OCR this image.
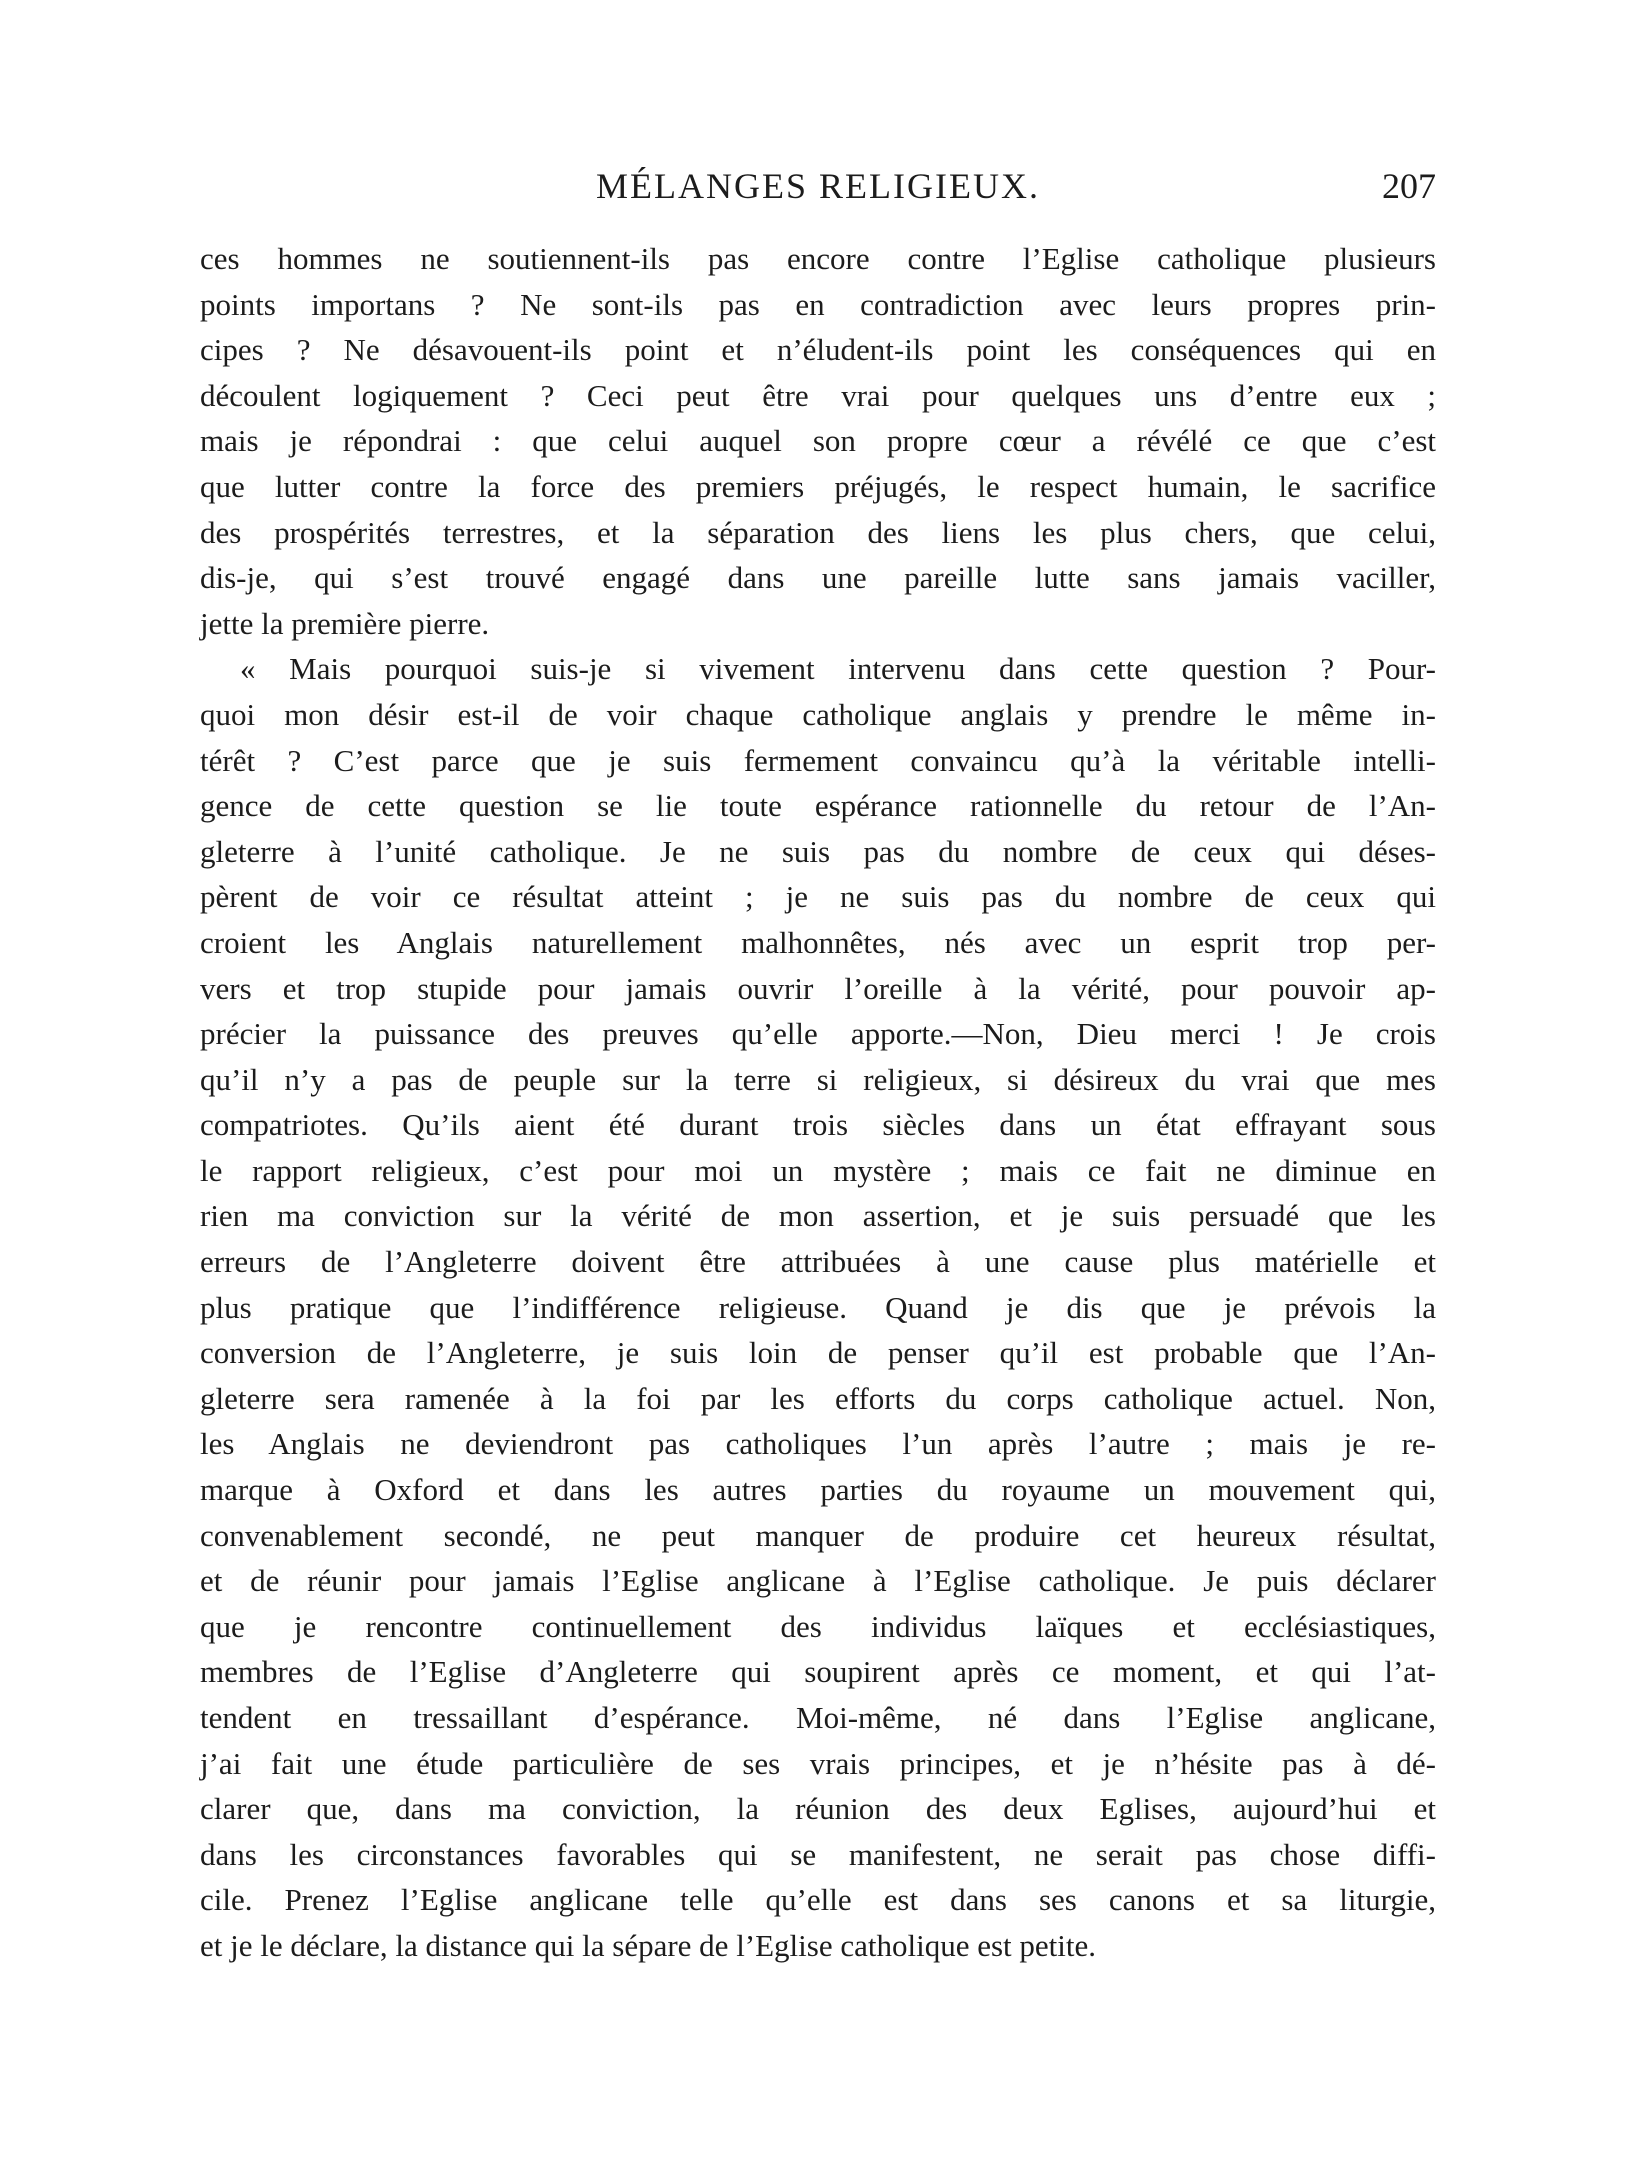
MÉLANGES RELIGIEUX.	207
ces hommes ne soutiennent-ils pas encore contre l’Eglise catholique plusieurs
points importans ? Ne sont-ils pas en contradiction avec leurs propres prin-
cipes ? Ne désavouent-ils point et n’éludent-ils point les conséquences qui en
découlent logiquement ? Ceci peut être vrai pour quelques uns d’entre eux ;
mais je répondrai : que celui auquel son propre cœur a révélé ce que c’est
que lutter contre la force des premiers préjugés, le respect humain, le sacrifice
des prospérités terrestres, et la séparation des liens les plus chers, que celui,
dis-je, qui s’est trouvé engagé dans une pareille lutte sans jamais vaciller,
jette la première pierre.
« Mais pourquoi suis-je si vivement intervenu dans cette question ? Pour-
quoi mon désir est-il de voir chaque catholique anglais y prendre le même in-
térêt ? C’est parce que je suis fermement convaincu qu’à la véritable intelli-
gence de cette question se lie toute espérance rationnelle du retour de l’An-
gleterre à l’unité catholique. Je ne suis pas du nombre de ceux qui déses-
pèrent de voir ce résultat atteint ; je ne suis pas du nombre de ceux qui
croient les Anglais naturellement malhonnêtes, nés avec un esprit trop per-
vers et trop stupide pour jamais ouvrir l’oreille à la vérité, pour pouvoir ap-
précier la puissance des preuves qu’elle apporte.—Non, Dieu merci ! Je crois
qu’il n’y a pas de peuple sur la terre si religieux, si désireux du vrai que mes
compatriotes. Qu’ils aient été durant trois siècles dans un état effrayant sous
le rapport religieux, c’est pour moi un mystère ; mais ce fait ne diminue en
rien ma conviction sur la vérité de mon assertion, et je suis persuadé que les
erreurs de l’Angleterre doivent être attribuées à une cause plus matérielle et
plus pratique que l’indifférence religieuse. Quand je dis que je prévois la
conversion de l’Angleterre, je suis loin de penser qu’il est probable que l’An-
gleterre sera ramenée à la foi par les efforts du corps catholique actuel. Non,
les Anglais ne deviendront pas catholiques l’un après l’autre ; mais je re-
marque à Oxford et dans les autres parties du royaume un mouvement qui,
convenablement secondé, ne peut manquer de produire cet heureux résultat,
et de réunir pour jamais l’Eglise anglicane à l’Eglise catholique. Je puis déclarer
que je rencontre continuellement des individus laïques et ecclésiastiques,
membres de l’Eglise d’Angleterre qui soupirent après ce moment, et qui l’at-
tendent en tressaillant d’espérance. Moi-même, né dans l’Eglise anglicane,
j’ai fait une étude particulière de ses vrais principes, et je n’hésite pas à dé-
clarer que, dans ma conviction, la réunion des deux Eglises, aujourd’hui et
dans les circonstances favorables qui se manifestent, ne serait pas chose diffi-
cile. Prenez l’Eglise anglicane telle qu’elle est dans ses canons et sa liturgie,
et je le déclare, la distance qui la sépare de l’Eglise catholique est petite.
